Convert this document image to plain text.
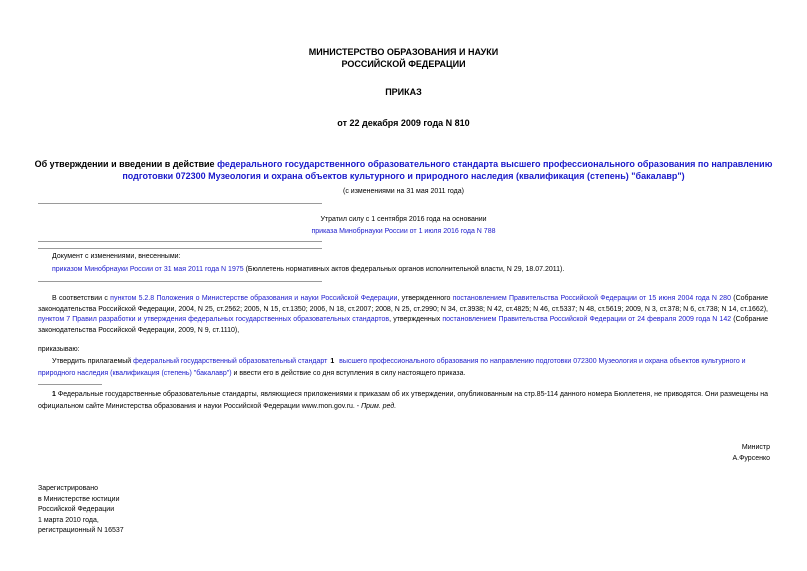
МИНИСТЕРСТВО ОБРАЗОВАНИЯ И НАУКИ
РОССИЙСКОЙ ФЕДЕРАЦИИ
ПРИКАЗ
от 22 декабря 2009 года N 810
Об утверждении и введении в действие федерального государственного образовательного стандарта высшего профессионального образования по направлению
подготовки 072300 Музеология и охрана объектов культурного и природного наследия (квалификация (степень) "бакалавр")
(с изменениями на 31 мая 2011 года)
Утратил силу с 1 сентября 2016 года на основании
приказа Минобрнауки России от 1 июля 2016 года N 788
Документ с изменениями, внесенными:
приказом Минобрнауки России от 31 мая 2011 года N 1975 (Бюллетень нормативных актов федеральных органов исполнительной власти, N 29, 18.07.2011).
В соответствии с пунктом 5.2.8 Положения о Министерстве образования и науки Российской Федерации, утвержденного постановлением Правительства Российской Федерации от 15 июня 2004 года N 280 (Собрание законодательства Российской Федерации, 2004, N 25, ст.2562; 2005, N 15, ст.1350; 2006, N 18, ст.2007; 2008, N 25, ст.2990; N 34, ст.3938; N 42, ст.4825; N 46, ст.5337; N 48, ст.5619; 2009, N 3, ст.378; N 6, ст.738; N 14, ст.1662), пунктом 7 Правил разработки и утверждения федеральных государственных образовательных стандартов, утвержденных постановлением Правительства Российской Федерации от 24 февраля 2009 года N 142 (Собрание законодательства Российской Федерации, 2009, N 9, ст.1110),
приказываю:
Утвердить прилагаемый федеральный государственный образовательный стандарт 1 высшего профессионального образования по направлению подготовки 072300 Музеология и охрана объектов культурного и природного наследия (квалификация (степень) "бакалавр") и ввести его в действие со дня вступления в силу настоящего приказа.
1 Федеральные государственные образовательные стандарты, являющиеся приложениями к приказам об их утверждении, опубликованным на стр.85-114 данного номера Бюллетеня, не приводятся. Они размещены на официальном сайте Министерства образования и науки Российской Федерации www.mon.gov.ru. - Прим. ред.
Министр
А.Фурсенко
Зарегистрировано
в Министерстве юстиции
Российской Федерации
1 марта 2010 года,
регистрационный N 16537
